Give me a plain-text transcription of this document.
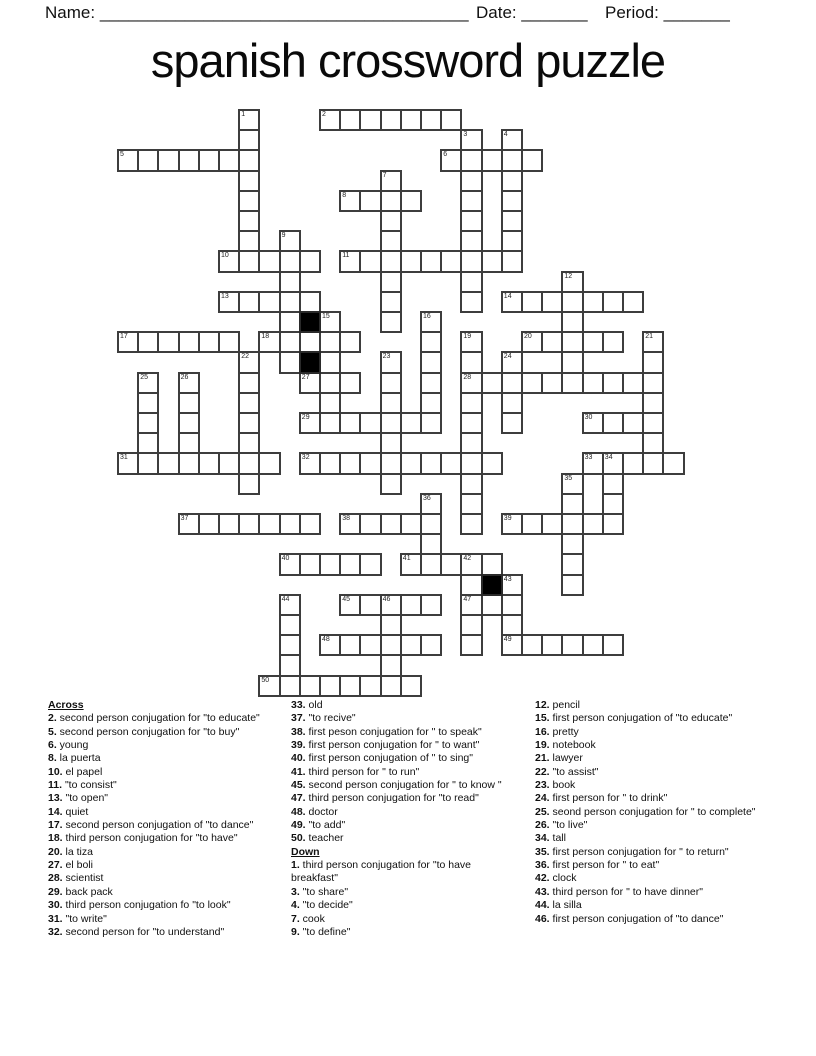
Name: _______________________________________ Date: _______ Period: _______
spanish crossword puzzle
1	2
3	4
5	6
7
8
9
10	11
12
13	14
15	16
17	18	19
28
20	21
22	23	24
25	26	27
29	30
31	32	33 34
35
36
37	38	39
40	41	42
47
43
49
44	45	46
48
50

Across

2. second person conjugation for "to educate"

5. second person conjugation for "to buy"

6. young

8. la puerta

10. el papel

11. "to consist"

13. "to open"

14. quiet

17. second person conjugation of "to dance"

18. third person conjugation for "to have"

20. la tiza

27. el boli

28. scientist

29. back pack

30. third person conjugation fo "to look"

31. "to write"

32. second person for "to understand"

33. old

37. "to recive"

38. first peson conjugation for " to speak"

39. first person conjugation for " to want"

40. first person conjugation of " to sing"

41. third person for " to run"

45. second person conjugation for " to know "

47. third person conjugation for "to read"

48. doctor

49. "to add"

50. teacher

Down

1. third person conjugation for "to have breakfast"

3. "to share"

4. "to decide"

7. cook

9. "to define"

12. pencil

15. first person conjugation of "to educate"

16. pretty

19. notebook

21. lawyer

22. "to assist"

23. book

24. first person for " to drink"

25. seond person conjugation for " to complete"

26. "to live"

34. tall

35. first person conjugation for " to return"

36. first person for " to eat"

42. clock

43. third person for " to have dinner"

44. la silla

46. first person conjugation of "to dance"
